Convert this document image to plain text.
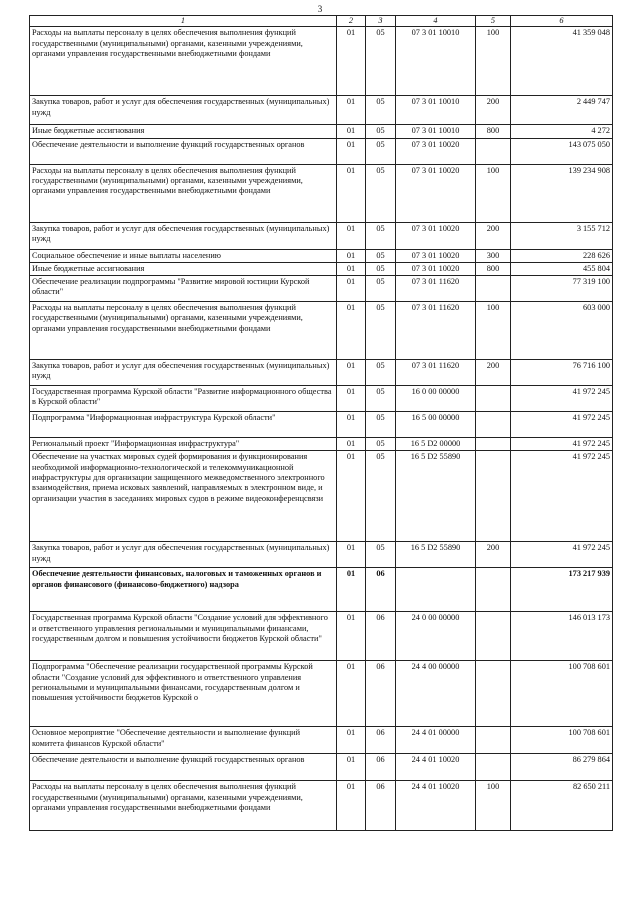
3
1	2	3	4	5	6
Расходы на выплаты персоналу в целях обеспечения выполнения функций государственными (муниципальными) органами, казенными учреждениями, органами управления государственными внебюджетными фондами	01	05	07 3 01 10010	100	41 359 048
Закупка товаров, работ и услуг для обеспечения государственных (муниципальных) нужд	01	05	07 3 01 10010	200	2 449 747
Иные бюджетные ассигнования	01	05	07 3 01 10010	800	4 272
Обеспечение деятельности и выполнение функций государственных органов	01	05	07 3 01 10020		143 075 050
Расходы на выплаты персоналу в целях обеспечения выполнения функций государственными (муниципальными) органами, казенными учреждениями, органами управления государственными внебюджетными фондами	01	05	07 3 01 10020	100	139 234 908
Закупка товаров, работ и услуг для обеспечения государственных (муниципальных) нужд	01	05	07 3 01 10020	200	3 155 712
Социальное обеспечение и иные выплаты населению	01	05	07 3 01 10020	300	228 626
Иные бюджетные ассигнования	01	05	07 3 01 10020	800	455 804
Обеспечение реализации подпрограммы "Развитие мировой юстиции Курской области"	01	05	07 3 01 11620		77 319 100
Расходы на выплаты персоналу в целях обеспечения выполнения функций государственными (муниципальными) органами, казенными учреждениями, органами управления государственными внебюджетными фондами	01	05	07 3 01 11620	100	603 000
Закупка товаров, работ и услуг для обеспечения государственных (муниципальных) нужд	01	05	07 3 01 11620	200	76 716 100
Государственная программа Курской области "Развитие информационного общества в Курской области"	01	05	16 0 00 00000		41 972 245
Подпрограмма "Информационная инфраструктура Курской области"	01	05	16 5 00 00000		41 972 245
Региональный проект "Информационная инфраструктура"	01	05	16 5 D2 00000		41 972 245
Обеспечение на участках мировых судей формирования и функционирования необходимой информационно-технологической и телекоммуникационной инфраструктуры для организации защищенного межведомственного электронного взаимодействия, приема исковых заявлений, направляемых в электронном виде, и организации участия в заседаниях мировых судов в режиме видеоконференцсвязи	01	05	16 5 D2 55890		41 972 245
Закупка товаров, работ и услуг для обеспечения государственных (муниципальных) нужд	01	05	16 5 D2 55890	200	41 972 245
Обеспечение деятельности финансовых, налоговых и таможенных органов и органов финансового (финансово-бюджетного) надзора	01	06			173 217 939
Государственная программа Курской области "Создание условий для эффективного и ответственного управления региональными и муниципальными финансами, государственным долгом и повышения устойчивости бюджетов Курской области"	01	06	24 0 00 00000		146 013 173
Подпрограмма "Обеспечение реализации государственной программы Курской области "Создание условий для эффективного и ответственного управления региональными и муниципальными финансами, государственным долгом и повышения устойчивости бюджетов Курской о	01	06	24 4 00 00000		100 708 601
Основное мероприятие "Обеспечение деятельности и выполнение функций комитета финансов Курской области"	01	06	24 4 01 00000		100 708 601
Обеспечение деятельности и выполнение функций государственных органов	01	06	24 4 01 10020		86 279 864
Расходы на выплаты персоналу в целях обеспечения выполнения функций государственными (муниципальными) органами, казенными учреждениями, органами управления государственными внебюджетными фондами	01	06	24 4 01 10020	100	82 650 211
